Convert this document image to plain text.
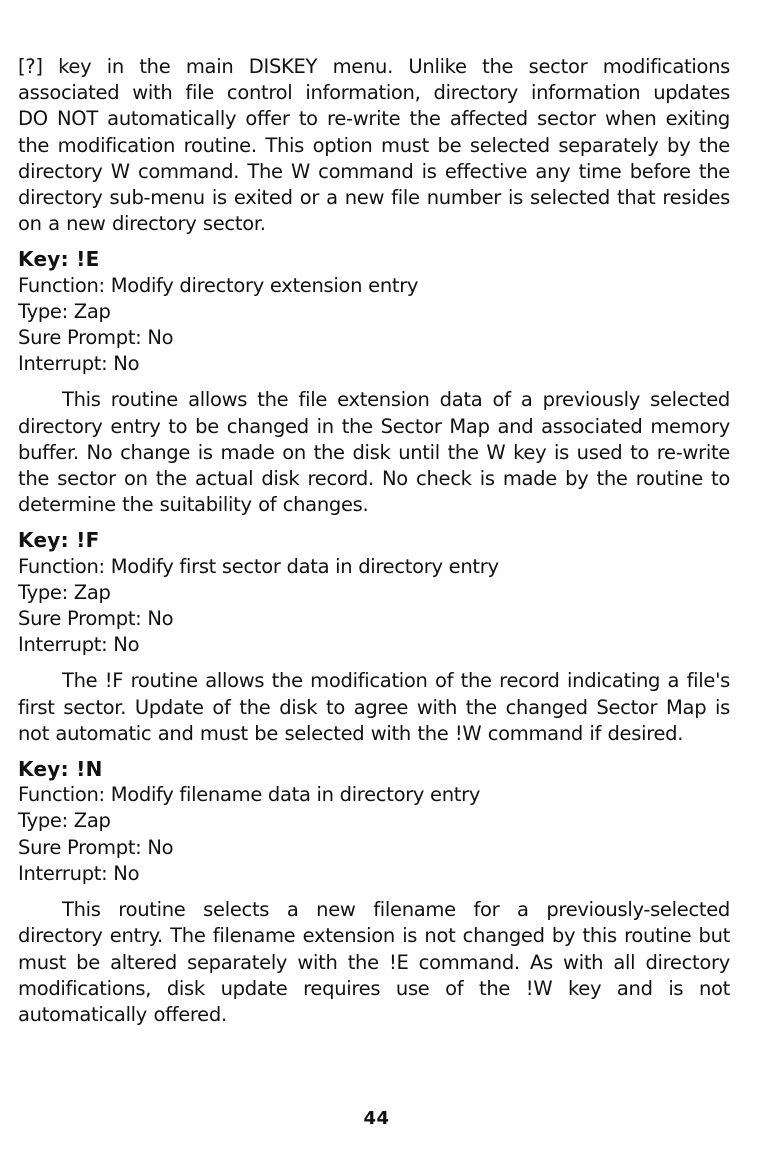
[?] key in the main DISKEY menu. Unlike the sector modifications
associated with file control information, directory information updates
DO NOT automatically offer to re-write the affected sector when exiting
the modification routine. This option must be selected separately by the
directory W command. The W command is effective any time before the
directory sub-menu is exited or a new file number is selected that resides
on a new directory sector.

Key: !E
Function: Modify directory extension entry
Type: Zap
Sure Prompt: No
Interrupt: No

This routine allows the file extension data of a previously selected
directory entry to be changed in the Sector Map and associated memory
buffer. No change is made on the disk until the W key is used to re-write
the sector on the actual disk record. No check is made by the routine to
determine the suitability of changes.

Key: !F
Function: Modify first sector data in directory entry
Type: Zap
Sure Prompt: No
Interrupt: No

The !F routine allows the modification of the record indicating a file's
first sector. Update of the disk to agree with the changed Sector Map is
not automatic and must be selected with the !W command if desired.

Key: !N
Function: Modify filename data in directory entry
Type: Zap
Sure Prompt: No
Interrupt: No

This routine selects a new filename for a previously-selected
directory entry. The filename extension is not changed by this routine but
must be altered separately with the !E command. As with all directory
modifications, disk update requires use of the !W key and is not
automatically offered.

44
